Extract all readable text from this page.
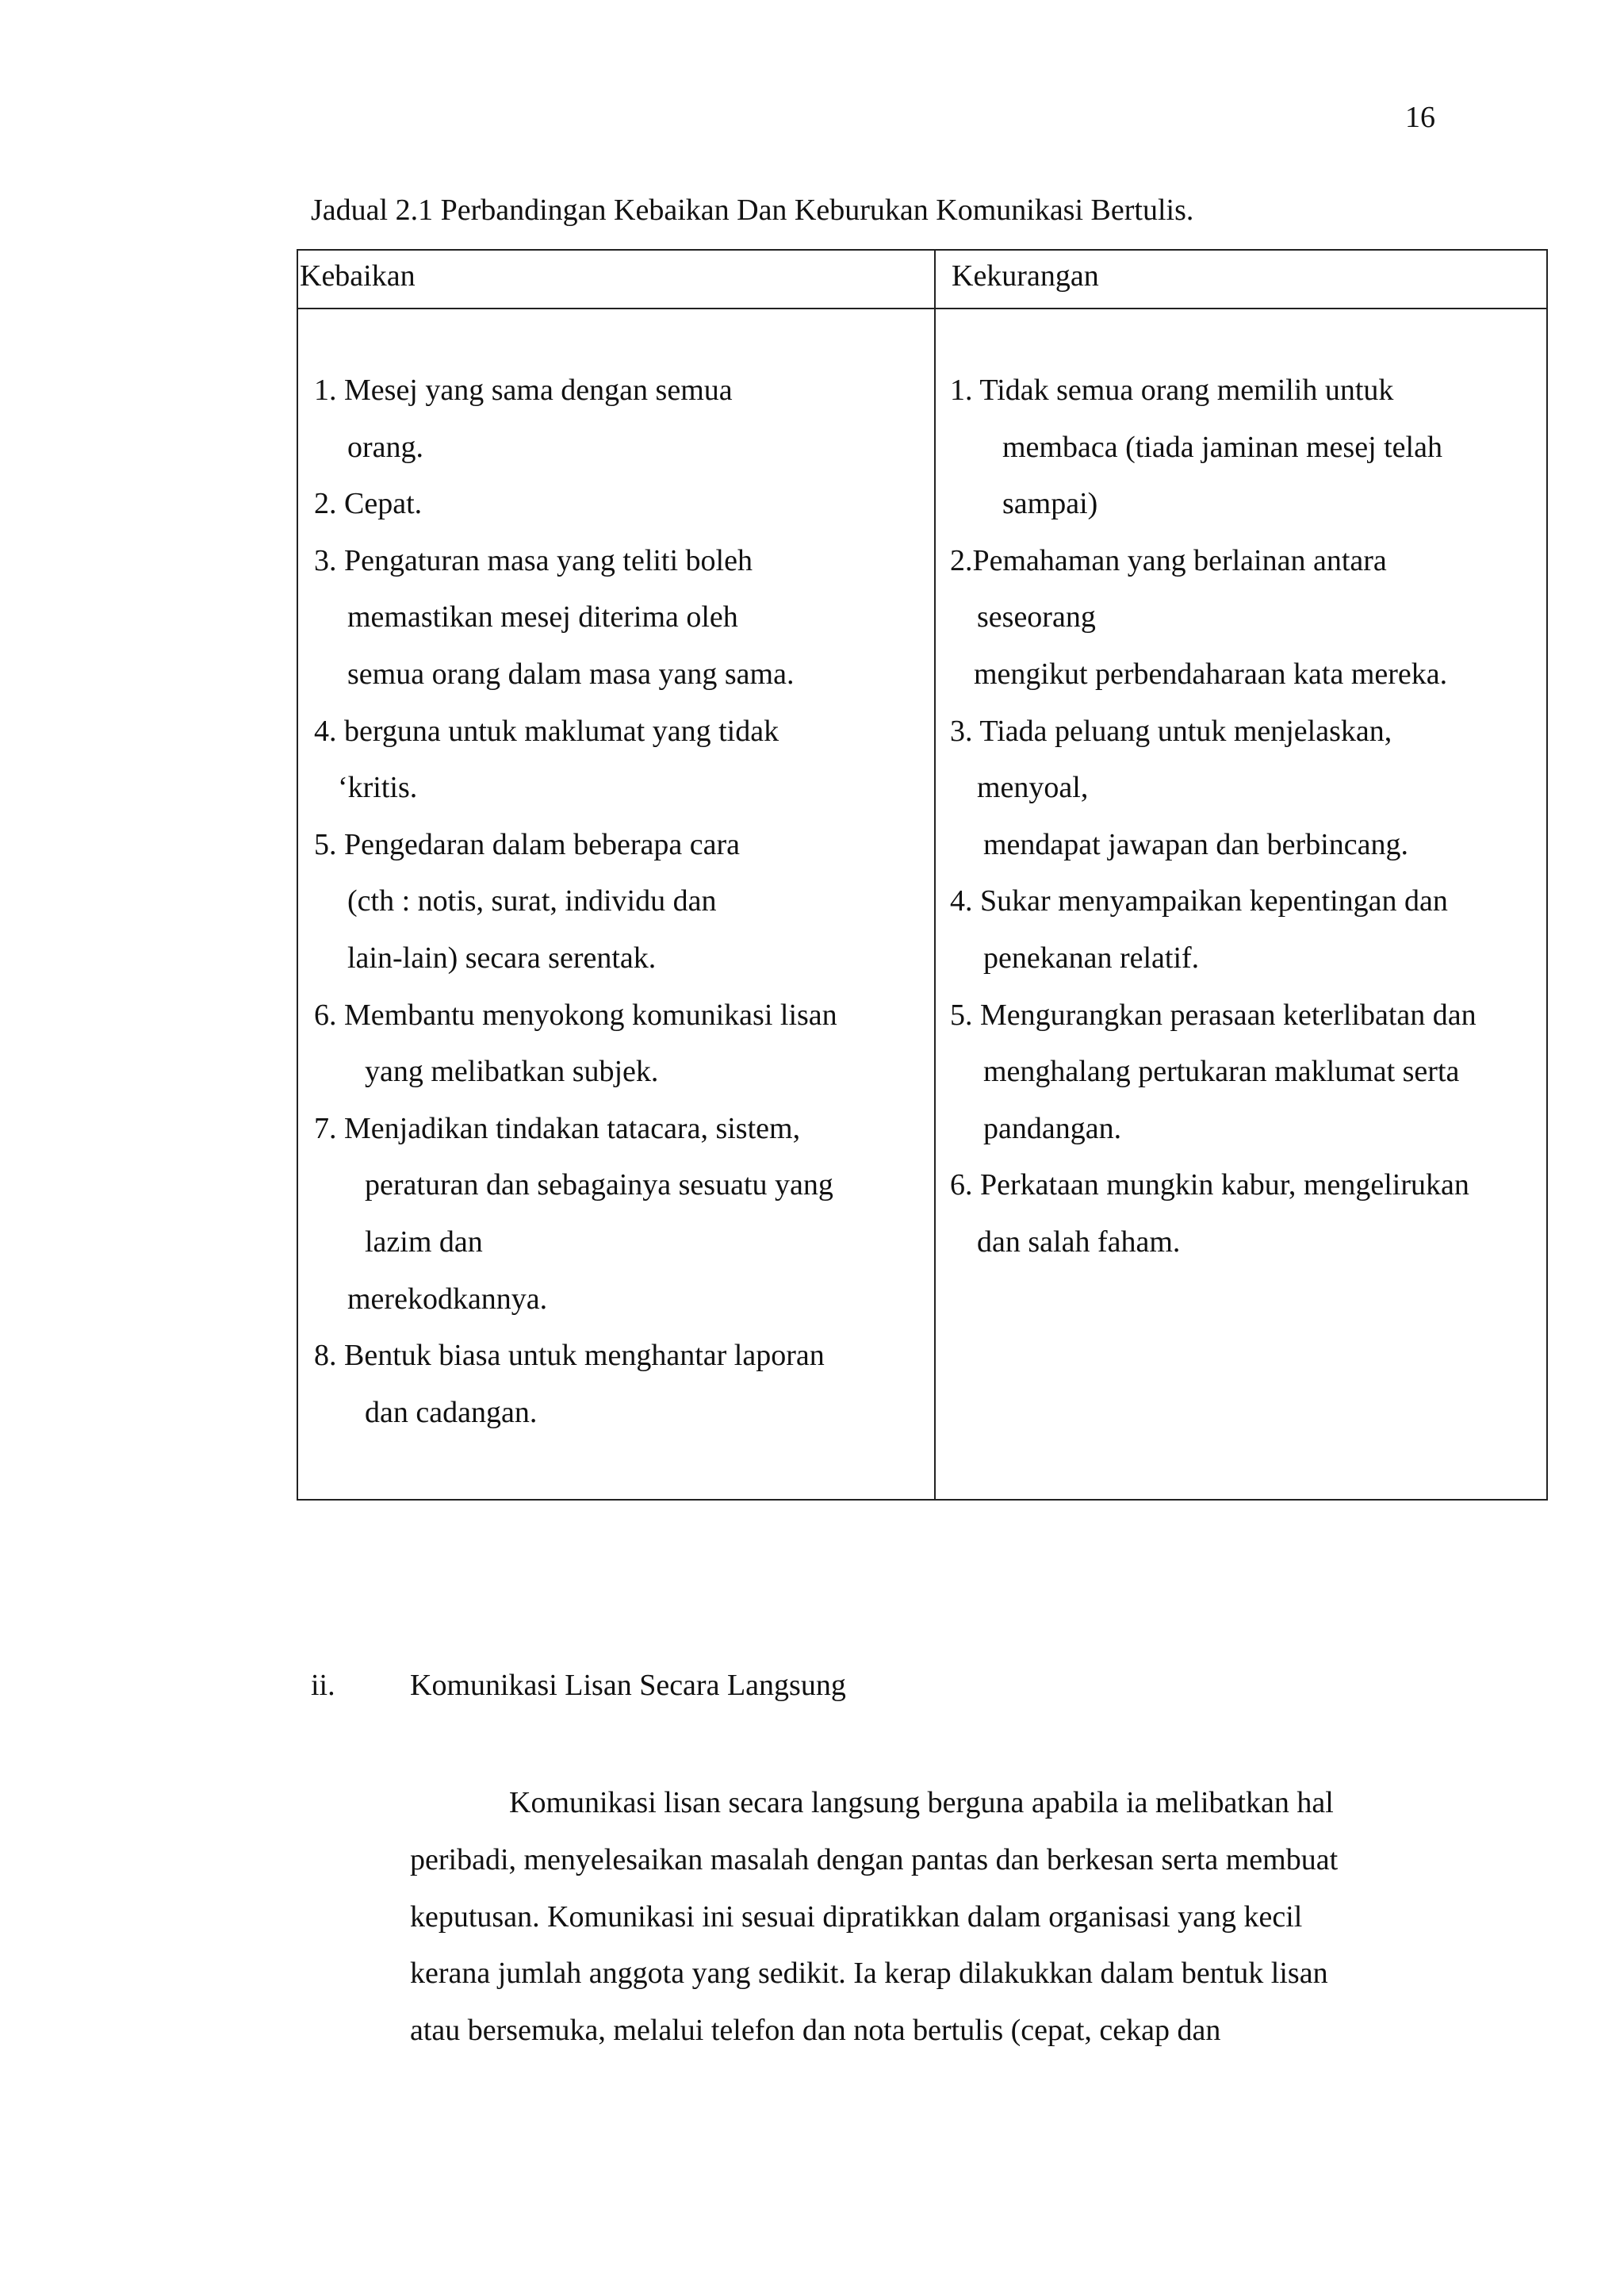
16
Jadual 2.1 Perbandingan Kebaikan Dan Keburukan Komunikasi Bertulis.
Kebaikan	Kekurangan
1. Mesej yang sama dengan semua
orang.
2. Cepat.
3. Pengaturan masa yang teliti boleh
memastikan mesej diterima oleh
semua orang dalam masa yang sama.
4. berguna untuk maklumat yang tidak
‘kritis.
5. Pengedaran dalam beberapa cara
(cth : notis, surat, individu dan
lain-lain) secara serentak.
6. Membantu menyokong komunikasi lisan
yang melibatkan subjek.
7. Menjadikan tindakan tatacara, sistem,
peraturan dan sebagainya sesuatu yang
lazim dan
merekodkannya.
8. Bentuk biasa untuk menghantar laporan
dan cadangan.
1. Tidak semua orang memilih untuk
membaca (tiada jaminan mesej telah
sampai)
2.Pemahaman yang berlainan antara
seseorang
mengikut perbendaharaan kata mereka.
3. Tiada peluang untuk menjelaskan,
menyoal,
mendapat jawapan dan berbincang.
4. Sukar menyampaikan kepentingan dan
penekanan relatif.
5. Mengurangkan perasaan keterlibatan dan
menghalang pertukaran maklumat serta
pandangan.
6. Perkataan mungkin kabur, mengelirukan
dan salah faham.
ii. Komunikasi Lisan Secara Langsung
Komunikasi lisan secara langsung berguna apabila ia melibatkan hal
peribadi, menyelesaikan masalah dengan pantas dan berkesan serta membuat
keputusan. Komunikasi ini sesuai dipratikkan dalam organisasi yang kecil
kerana jumlah anggota yang sedikit. Ia kerap dilakukkan dalam bentuk lisan
atau bersemuka, melalui telefon dan nota bertulis (cepat, cekap dan
